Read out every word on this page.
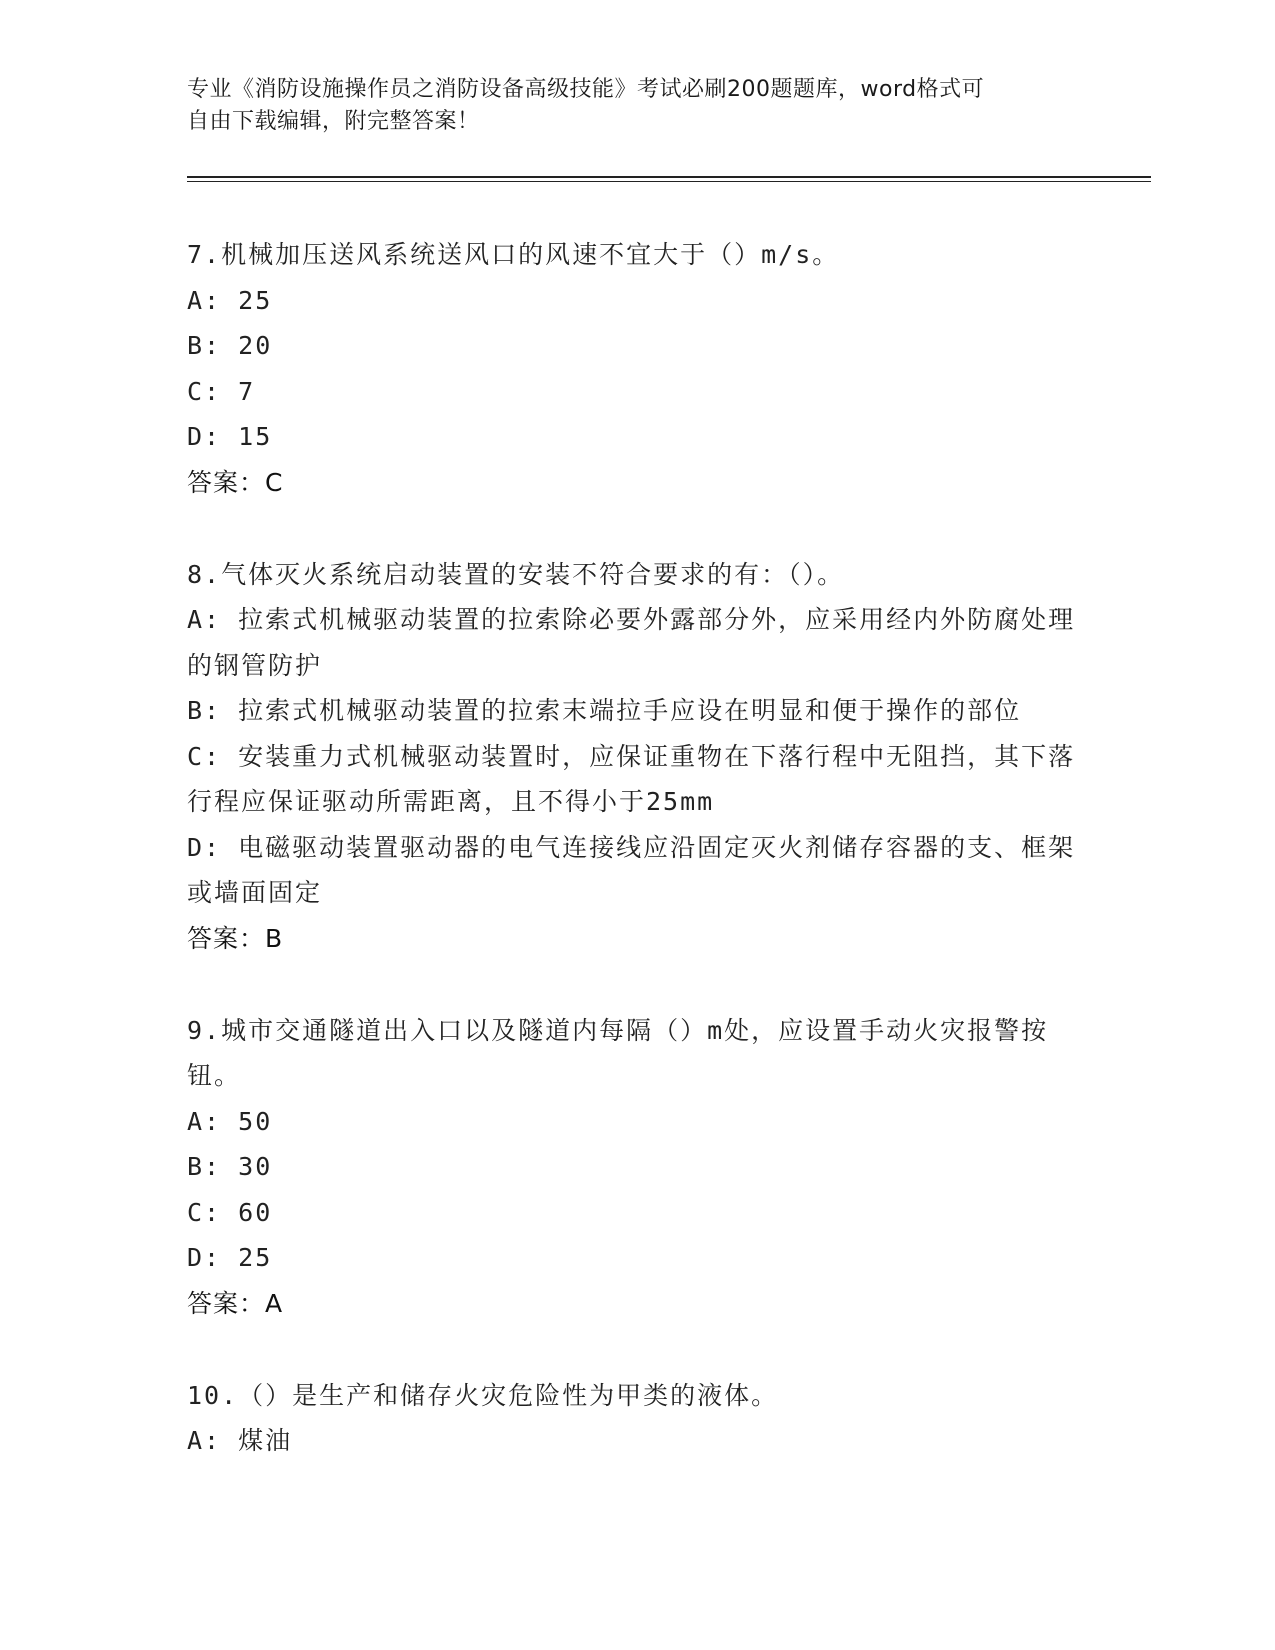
专业《消防设施操作员之消防设备高级技能》考试必刷200题题库，word格式可
自由下载编辑，附完整答案！
7.机械加压送风系统送风口的风速不宜大于（）m/s。
A: 25
B: 20
C: 7
D: 15
答案：C
8.气体灭火系统启动装置的安装不符合要求的有：（）。
A: 拉索式机械驱动装置的拉索除必要外露部分外，应采用经内外防腐处理的钢管防护
B: 拉索式机械驱动装置的拉索末端拉手应设在明显和便于操作的部位
C: 安装重力式机械驱动装置时，应保证重物在下落行程中无阻挡，其下落行程应保证驱动所需距离，且不得小于25mm
D: 电磁驱动装置驱动器的电气连接线应沿固定灭火剂储存容器的支、框架或墙面固定
答案：B
9.城市交通隧道出入口以及隧道内每隔（）m处，应设置手动火灾报警按钮。
A: 50
B: 30
C: 60
D: 25
答案：A
10.（）是生产和储存火灾危险性为甲类的液体。
A: 煤油
